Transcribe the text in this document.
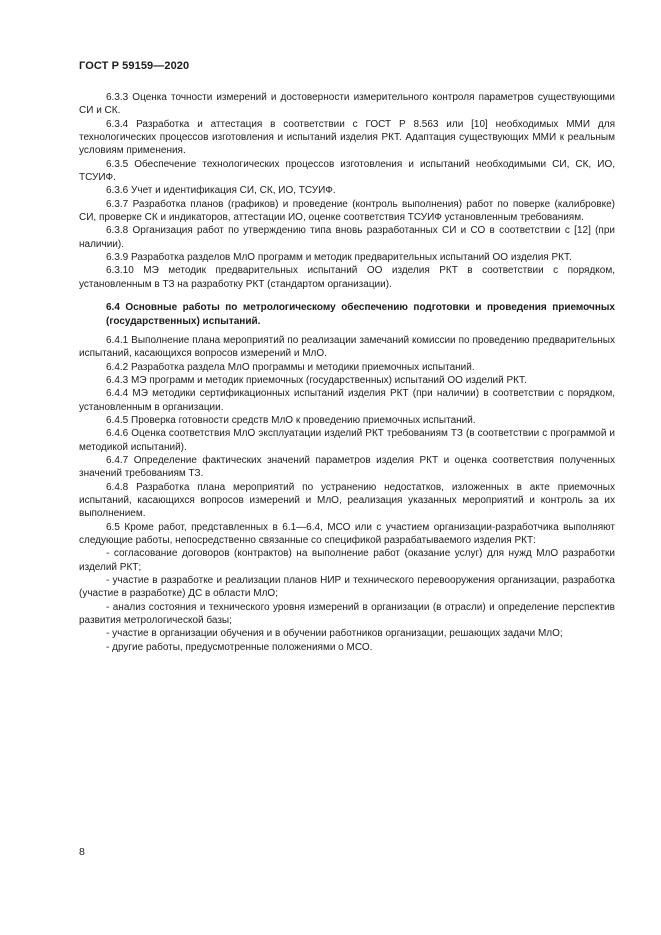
ГОСТ Р 59159—2020

6.3.3 Оценка точности измерений и достоверности измерительного контроля параметров существующими СИ и СК.

6.3.4 Разработка и аттестация в соответствии с ГОСТ Р 8.563 или [10] необходимых ММИ для технологических процессов изготовления и испытаний изделия РКТ. Адаптация существующих ММИ к реальным условиям применения.

6.3.5 Обеспечение технологических процессов изготовления и испытаний необходимыми СИ, СК, ИО, ТСУИФ.

6.3.6 Учет и идентификация СИ, СК, ИО, ТСУИФ.

6.3.7 Разработка планов (графиков) и проведение (контроль выполнения) работ по поверке (калибровке) СИ, проверке СК и индикаторов, аттестации ИО, оценке соответствия ТСУИФ установленным требованиям.

6.3.8 Организация работ по утверждению типа вновь разработанных СИ и СО в соответствии с [12] (при наличии).

6.3.9 Разработка разделов МлО программ и методик предварительных испытаний ОО изделия РКТ.

6.3.10 МЭ методик предварительных испытаний ОО изделия РКТ в соответствии с порядком, установленным в ТЗ на разработку РКТ (стандартом организации).

6.4 Основные работы по метрологическому обеспечению подготовки и проведения приемочных (государственных) испытаний.

6.4.1 Выполнение плана мероприятий по реализации замечаний комиссии по проведению предварительных испытаний, касающихся вопросов измерений и МлО.

6.4.2 Разработка раздела МлО программы и методики приемочных испытаний.

6.4.3 МЭ программ и методик приемочных (государственных) испытаний ОО изделий РКТ.

6.4.4 МЭ методики сертификационных испытаний изделия РКТ (при наличии) в соответствии с порядком, установленным в организации.

6.4.5 Проверка готовности средств МлО к проведению приемочных испытаний.

6.4.6 Оценка соответствия МлО эксплуатации изделий РКТ требованиям ТЗ (в соответствии с программой и методикой испытаний).

6.4.7 Определение фактических значений параметров изделия РКТ и оценка соответствия полученных значений требованиям ТЗ.

6.4.8 Разработка плана мероприятий по устранению недостатков, изложенных в акте приемочных испытаний, касающихся вопросов измерений и МлО, реализация указанных мероприятий и контроль за их выполнением.

6.5 Кроме работ, представленных в 6.1—6.4, МСО или с участием организации-разработчика выполняют следующие работы, непосредственно связанные со спецификой разрабатываемого изделия РКТ:

- согласование договоров (контрактов) на выполнение работ (оказание услуг) для нужд МлО разработки изделий РКТ;

- участие в разработке и реализации планов НИР и технического перевооружения организации, разработка (участие в разработке) ДС в области МлО;

- анализ состояния и технического уровня измерений в организации (в отрасли) и определение перспектив развития метрологической базы;

- участие в организации обучения и в обучении работников организации, решающих задачи МлО;

- другие работы, предусмотренные положениями о МСО.

8
